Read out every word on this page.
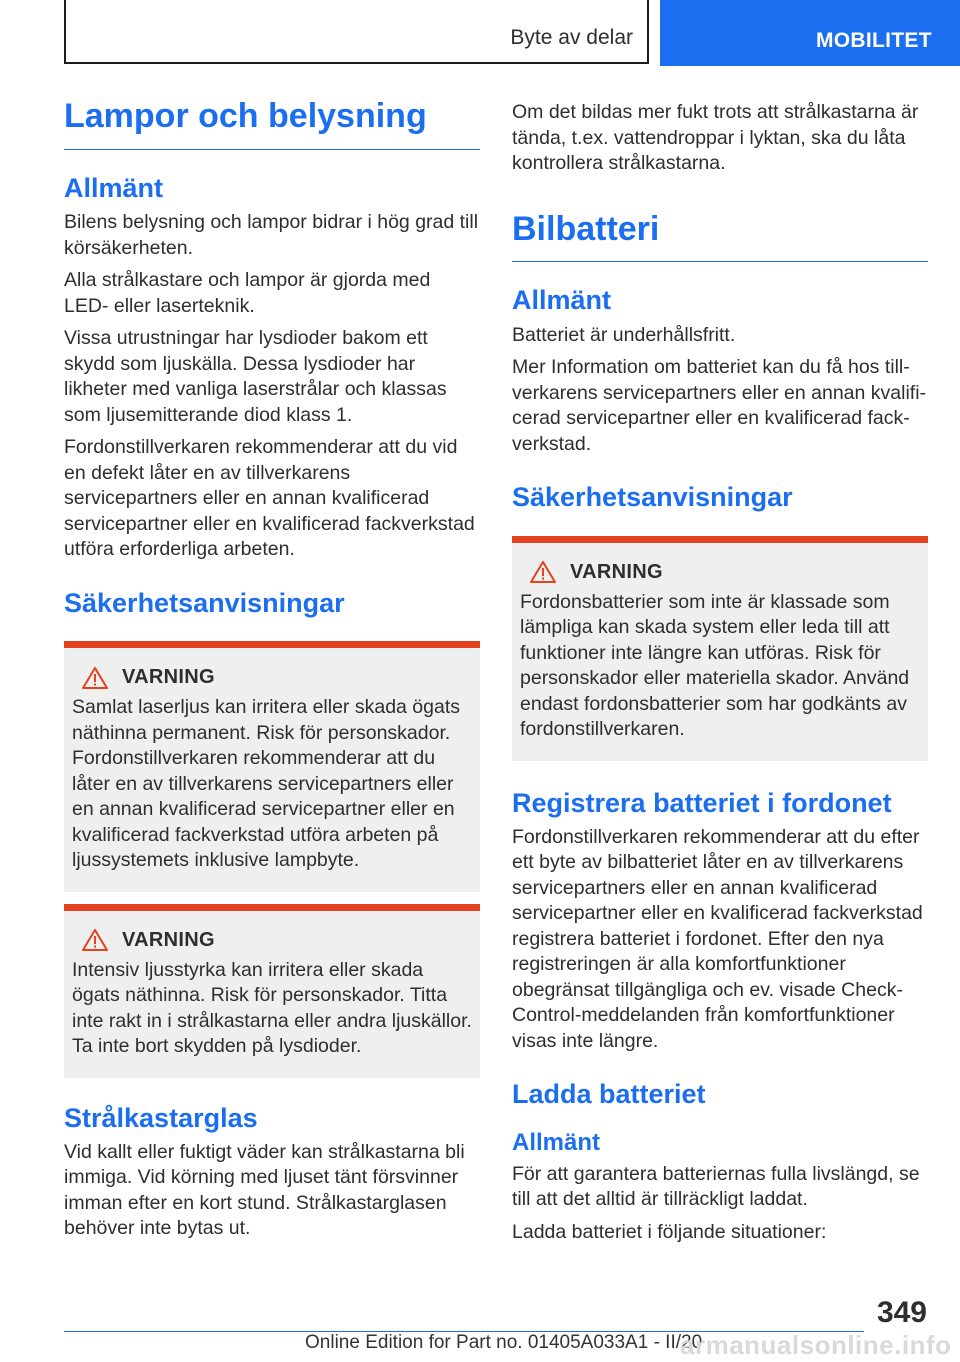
Byte av delar	MOBILITET
Lampor och belysning
Allmänt

Bilens belysning och lampor bidrar i hög grad till körsäkerheten.

Alla strålkastare och lampor är gjorda med LED- eller laserteknik.

Vissa utrustningar har lysdioder bakom ett skydd som ljuskälla. Dessa lysdioder har likheter med vanliga laserstrålar och klassas som ljusemitterande diod klass 1.

Fordonstillverkaren rekommenderar att du vid en defekt låter en av tillverkarens servicepartners eller en annan kvalificerad servicepartner eller en kvalificerad fackverkstad utföra erforderliga arbeten.

Säkerhetsanvisningar
VARNING

Samlat laserljus kan irritera eller skada ögats näthinna permanent. Risk för personskador. Fordonstillverkaren rekommenderar att du låter en av tillverkarens servicepartners eller en annan kvalificerad servicepartner eller en kvalificerad fackverkstad utföra arbeten på ljussystemets inklusive lampbyte.

VARNING

Intensiv ljusstyrka kan irritera eller skada ögats näthinna. Risk för personskador. Titta inte rakt in i strålkastarna eller andra ljuskällor. Ta inte bort skydden på lysdioder.

Strålkastarglas

Vid kallt eller fuktigt väder kan strålkastarna bli immiga. Vid körning med ljuset tänt försvinner imman efter en kort stund. Strålkastarglasen behöver inte bytas ut.

Om det bildas mer fukt trots att strålkastarna är tända, t.ex. vattendroppar i lyktan, ska du låta kontrollera strålkastarna.

Bilbatteri
Allmänt

Batteriet är underhållsfritt.

Mer Information om batteriet kan du få hos tillverkarens servicepartners eller en annan kvalificerad servicepartner eller en kvalificerad fackverkstad.

Säkerhetsanvisningar
VARNING

Fordonsbatterier som inte är klassade som lämpliga kan skada system eller leda till att funktioner inte längre kan utföras. Risk för personskador eller materiella skador. Använd endast fordonsbatterier som har godkänts av fordonstillverkaren.

Registrera batteriet i fordonet

Fordonstillverkaren rekommenderar att du efter ett byte av bilbatteriet låter en av tillverkarens servicepartners eller en annan kvalificerad servicepartner eller en kvalificerad fackverkstad registrera batteriet i fordonet. Efter den nya registreringen är alla komfortfunktioner obegränsat tillgängliga och ev. visade Check-Control-meddelanden från komfortfunktioner visas inte längre.

Ladda batteriet
Allmänt

För att garantera batteriernas fulla livslängd, se till att det alltid är tillräckligt laddat.

Ladda batteriet i följande situationer:

349
Online Edition for Part no. 01405A033A1 - II/20
armanualsonline.info
